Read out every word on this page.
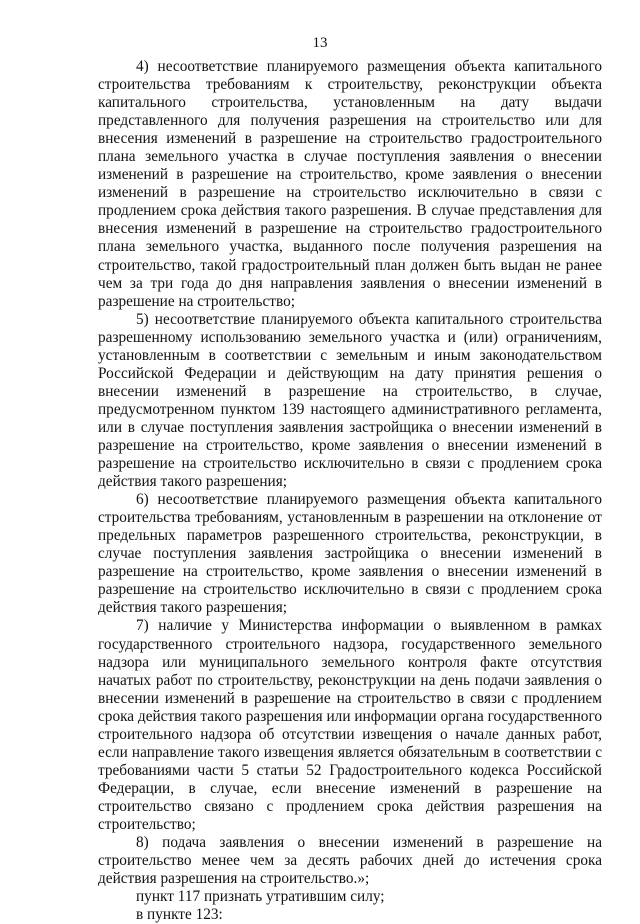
13

4) несоответствие планируемого размещения объекта капитального строительства требованиям к строительству, реконструкции объекта капитального строительства, установленным на дату выдачи представленного для получения разрешения на строительство или для внесения изменений в разрешение на строительство градостроительного плана земельного участка в случае поступления заявления о внесении изменений в разрешение на строительство, кроме заявления о внесении изменений в разрешение на строительство исключительно в связи с продлением срока действия такого разрешения. В случае представления для внесения изменений в разрешение на строительство градостроительного плана земельного участка, выданного после получения разрешения на строительство, такой градостроительный план должен быть выдан не ранее чем за три года до дня направления заявления о внесении изменений в разрешение на строительство;

5) несоответствие планируемого объекта капитального строительства разрешенному использованию земельного участка и (или) ограничениям, установленным в соответствии с земельным и иным законодательством Российской Федерации и действующим на дату принятия решения о внесении изменений в разрешение на строительство, в случае, предусмотренном пунктом 139 настоящего административного регламента, или в случае поступления заявления застройщика о внесении изменений в разрешение на строительство, кроме заявления о внесении изменений в разрешение на строительство исключительно в связи с продлением срока действия такого разрешения;

6) несоответствие планируемого размещения объекта капитального строительства требованиям, установленным в разрешении на отклонение от предельных параметров разрешенного строительства, реконструкции, в случае поступления заявления застройщика о внесении изменений в разрешение на строительство, кроме заявления о внесении изменений в разрешение на строительство исключительно в связи с продлением срока действия такого разрешения;

7) наличие у Министерства информации о выявленном в рамках государственного строительного надзора, государственного земельного надзора или муниципального земельного контроля факте отсутствия начатых работ по строительству, реконструкции на день подачи заявления о внесении изменений в разрешение на строительство в связи с продлением срока действия такого разрешения или информации органа государственного строительного надзора об отсутствии извещения о начале данных работ, если направление такого извещения является обязательным в соответствии с требованиями части 5 статьи 52 Градостроительного кодекса Российской Федерации, в случае, если внесение изменений в разрешение на строительство связано с продлением срока действия разрешения на строительство;

8) подача заявления о внесении изменений в разрешение на строительство менее чем за десять рабочих дней до истечения срока действия разрешения на строительство.»;

пункт 117 признать утратившим силу;

в пункте 123:
